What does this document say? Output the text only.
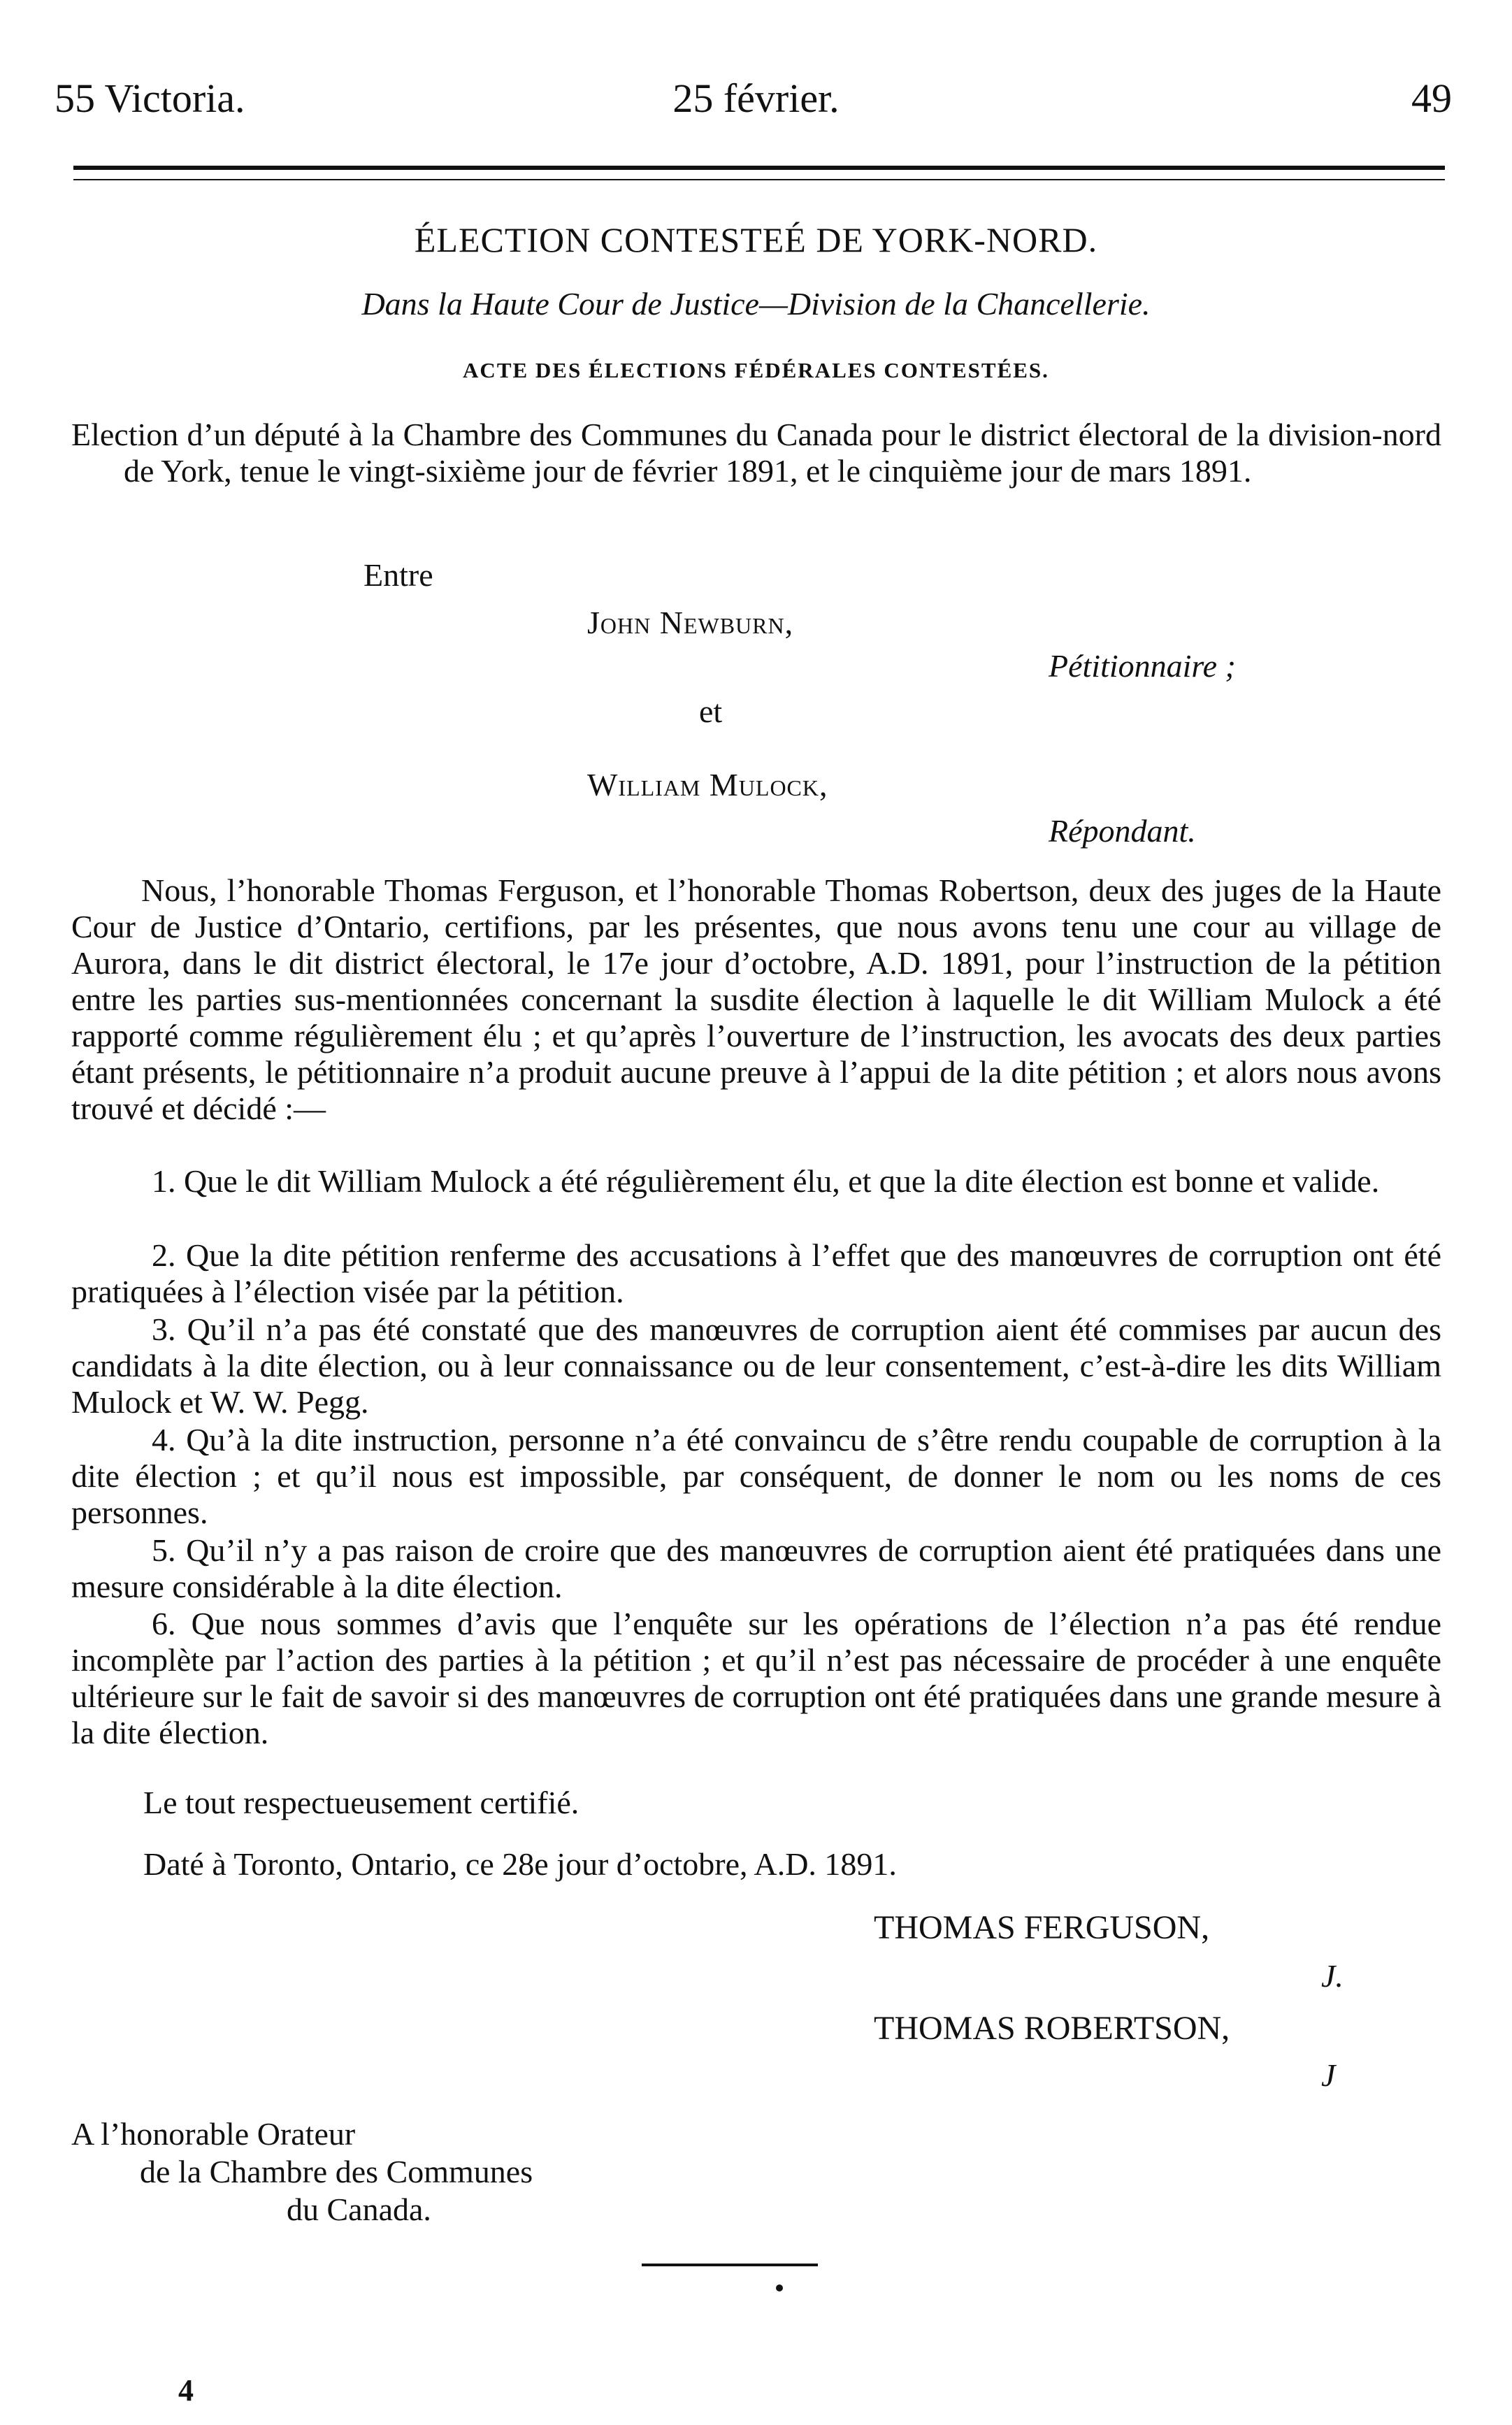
55 Victoria.	25 février.	49
ÉLECTION CONTESTEÉ DE YORK-NORD.
Dans la Haute Cour de Justice—Division de la Chancellerie.
ACTE DES ÉLECTIONS FÉDÉRALES CONTESTÉES.

Election d’un député à la Chambre des Communes du Canada pour le district électoral de la division-nord de York, tenue le vingt-sixième jour de février 1891, et le cinquième jour de mars 1891.

Entre
John Newburn,
Pétitionnaire ;
et
William Mulock,
Répondant.

Nous, l’honorable Thomas Ferguson, et l’honorable Thomas Robertson, deux des juges de la Haute Cour de Justice d’Ontario, certifions, par les présentes, que nous avons tenu une cour au village de Aurora, dans le dit district électoral, le 17e jour d’octobre, A.D. 1891, pour l’instruction de la pétition entre les parties sus-mentionnées concernant la susdite élection à laquelle le dit William Mulock a été rapporté comme régulièrement élu ; et qu’après l’ouverture de l’instruction, les avocats des deux parties étant présents, le pétitionnaire n’a produit aucune preuve à l’appui de la dite pétition ; et alors nous avons trouvé et décidé :—

1. Que le dit William Mulock a été régulièrement élu, et que la dite élection est bonne et valide.

2. Que la dite pétition renferme des accusations à l’effet que des manœuvres de corruption ont été pratiquées à l’élection visée par la pétition.

3. Qu’il n’a pas été constaté que des manœuvres de corruption aient été commises par aucun des candidats à la dite élection, ou à leur connaissance ou de leur consentement, c’est-à-dire les dits William Mulock et W. W. Pegg.

4. Qu’à la dite instruction, personne n’a été convaincu de s’être rendu coupable de corruption à la dite élection ; et qu’il nous est impossible, par conséquent, de donner le nom ou les noms de ces personnes.

5. Qu’il n’y a pas raison de croire que des manœuvres de corruption aient été pratiquées dans une mesure considérable à la dite élection.

6. Que nous sommes d’avis que l’enquête sur les opérations de l’élection n’a pas été rendue incomplète par l’action des parties à la pétition ; et qu’il n’est pas nécessaire de procéder à une enquête ultérieure sur le fait de savoir si des manœuvres de corruption ont été pratiquées dans une grande mesure à la dite élection.

Le tout respectueusement certifié.
Daté à Toronto, Ontario, ce 28e jour d’octobre, A.D. 1891.
THOMAS FERGUSON,
J.
THOMAS ROBERTSON,
J
A l’honorable Orateur
de la Chambre des Communes
du Canada.
4
